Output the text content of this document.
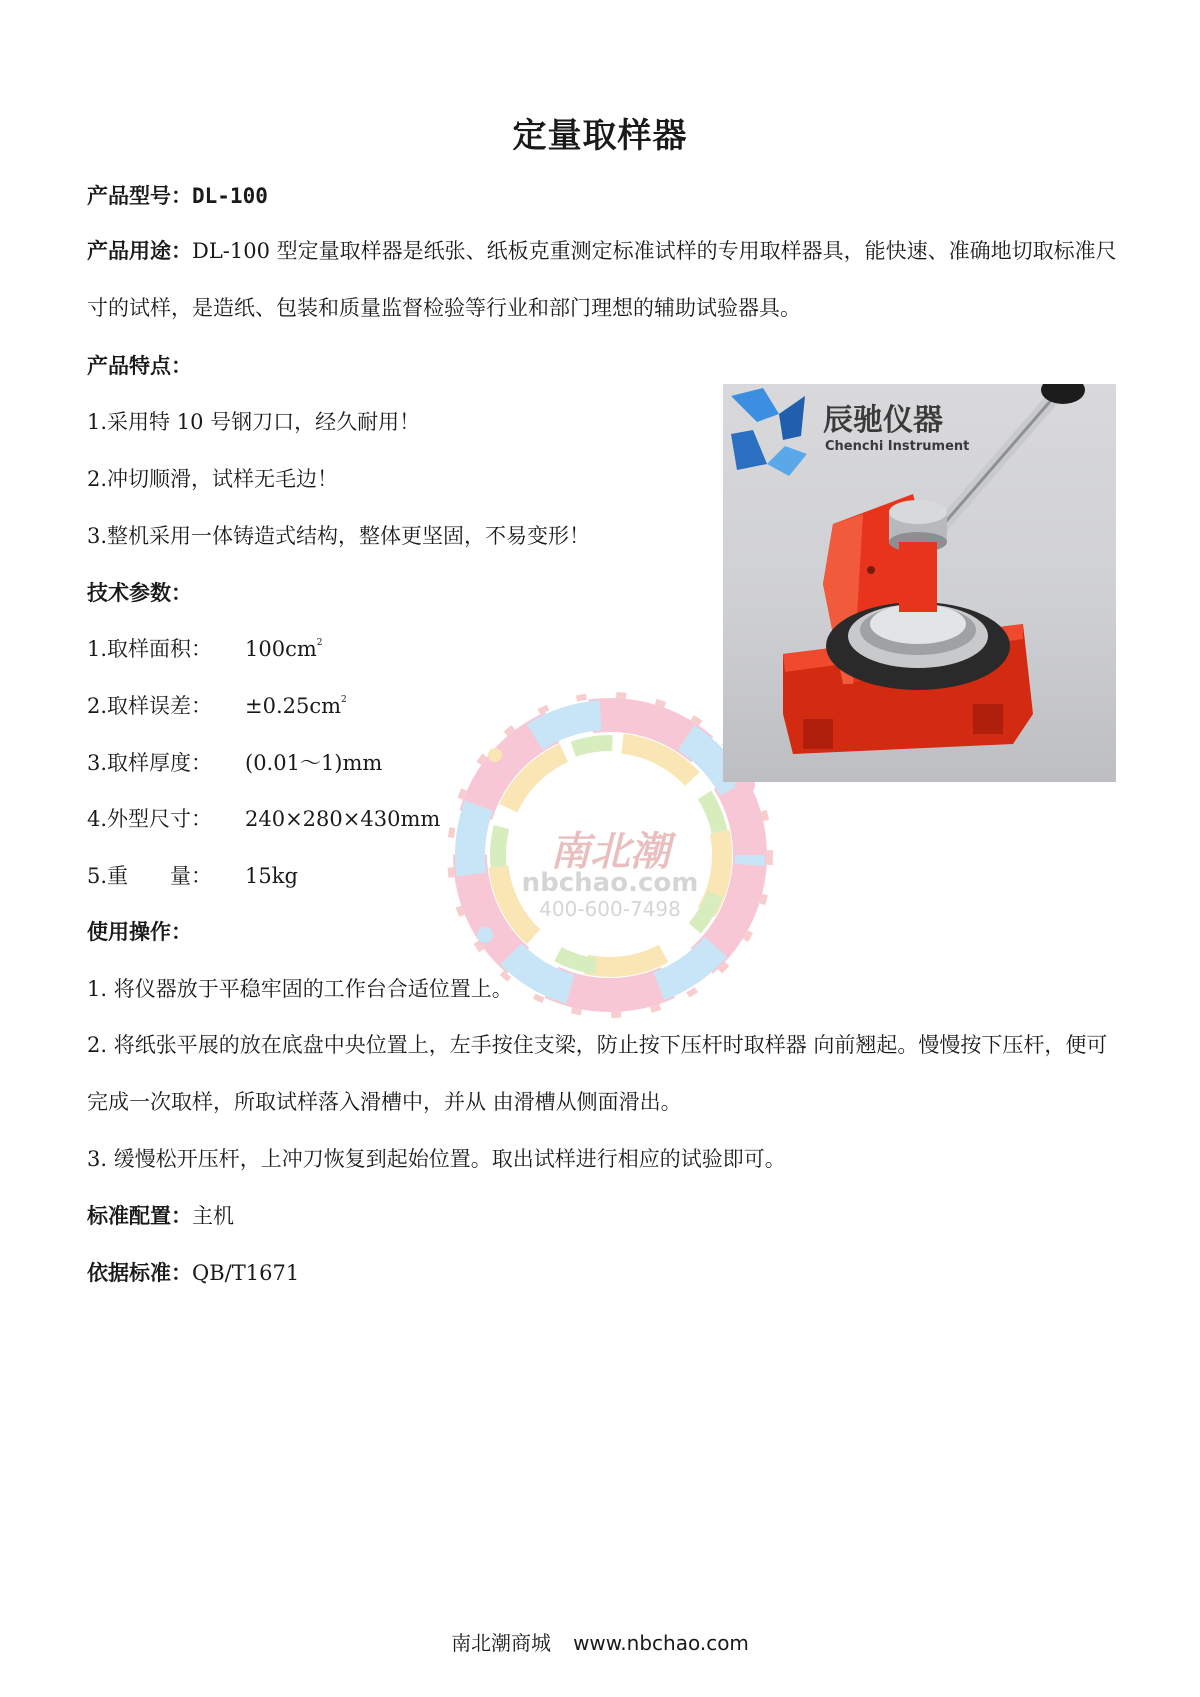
定量取样器
产品型号：DL-100
产品用途：DL-100 型定量取样器是纸张、纸板克重测定标准试样的专用取样器具，能快速、准确地切取标准尺寸的试样，是造纸、包装和质量监督检验等行业和部门理想的辅助试验器具。
产品特点：
1.采用特 10 号钢刀口，经久耐用！
2.冲切顺滑，试样无毛边！
3.整机采用一体铸造式结构，整体更坚固，不易变形！
技术参数：
1.取样面积： $100cm^2$
2.取样误差： $\pm 0.25cm^2$
3.取样厚度： (0.01～1)mm
4.外型尺寸： 240×280×430mm
5.重　　量： 15kg
南北潮
nbchao.com
400-600-7498
辰驰仪器
Chenchi Instrument
使用操作：
1. 将仪器放于平稳牢固的工作台合适位置上。
2. 将纸张平展的放在底盘中央位置上，左手按住支梁，防止按下压杆时取样器 向前翘起。慢慢按下压杆，便可完成一次取样，所取试样落入滑槽中，并从 由滑槽从侧面滑出。
3. 缓慢松开压杆，上冲刀恢复到起始位置。取出试样进行相应的试验即可。
标准配置：主机
依据标准：QB/T1671
南北潮商城 www.nbchao.com
